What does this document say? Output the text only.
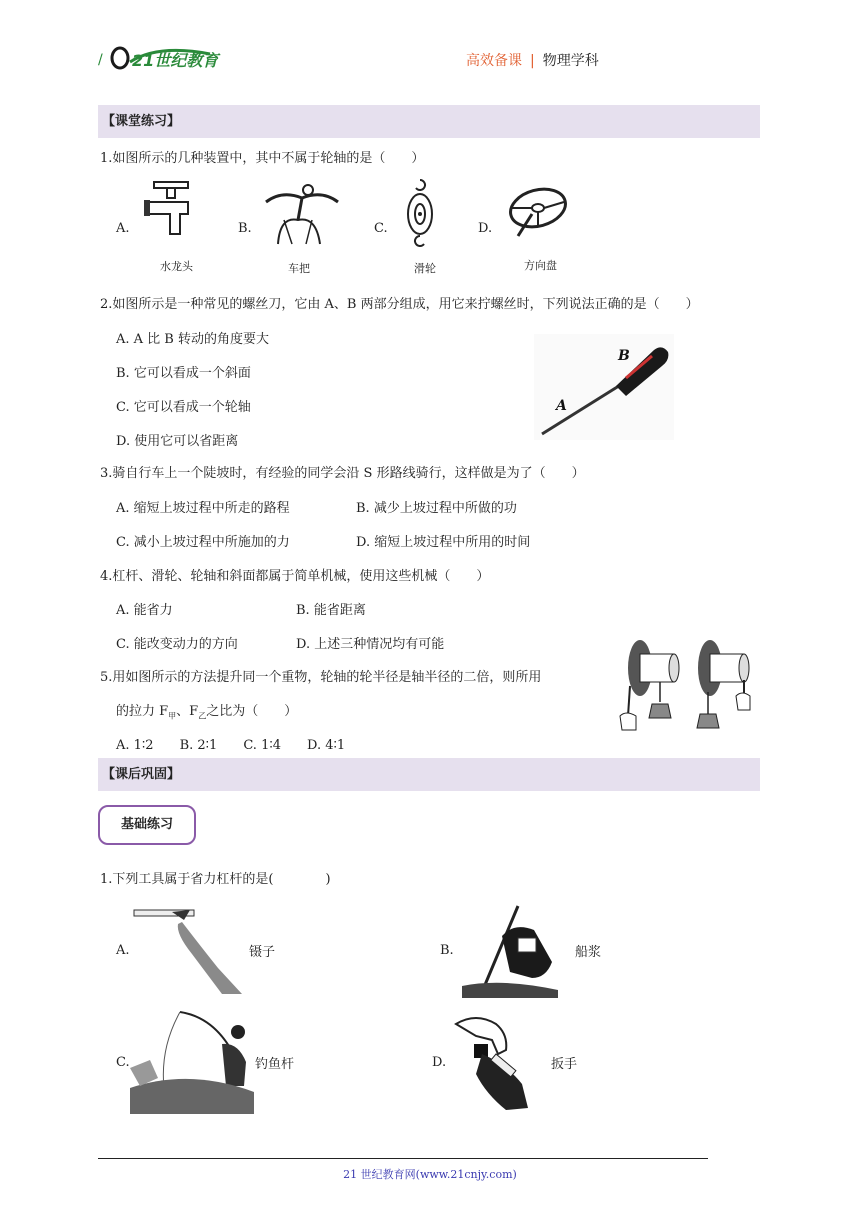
/ 21世纪教育	高效备课 | 物理学科
【课堂练习】
1.如图所示的几种装置中，其中不属于轮轴的是（　　）
A.	B.	C.	D.
水龙头	车把	滑轮	方向盘
2.如图所示是一种常见的螺丝刀，它由 A、B 两部分组成，用它来拧螺丝时，下列说法正确的是（　　）
A. A 比 B 转动的角度要大
B. 它可以看成一个斜面
C. 它可以看成一个轮轴
D. 使用它可以省距离
B
A
3.骑自行车上一个陡坡时，有经验的同学会沿 S 形路线骑行，这样做是为了（　　）
A. 缩短上坡过程中所走的路程	B. 减少上坡过程中所做的功
C. 减小上坡过程中所施加的力	D. 缩短上坡过程中所用的时间
4.杠杆、滑轮、轮轴和斜面都属于简单机械，使用这些机械（　　）
A. 能省力	B. 能省距离
C. 能改变动力的方向	D. 上述三种情况均有可能
5.用如图所示的方法提升同一个重物，轮轴的轮半径是轴半径的二倍，则所用
的拉力 $F_甲$、$F_乙$之比为（　　）
A. 1∶2　　B. 2∶1　　C. 1∶4　　D. 4∶1
【课后巩固】
基础练习
1.下列工具属于省力杠杆的是(　　　　)
A.	镊子	B.	船浆
C.	钓鱼杆	D.	扳手
21 世纪教育网(www.21cnjy.com)
